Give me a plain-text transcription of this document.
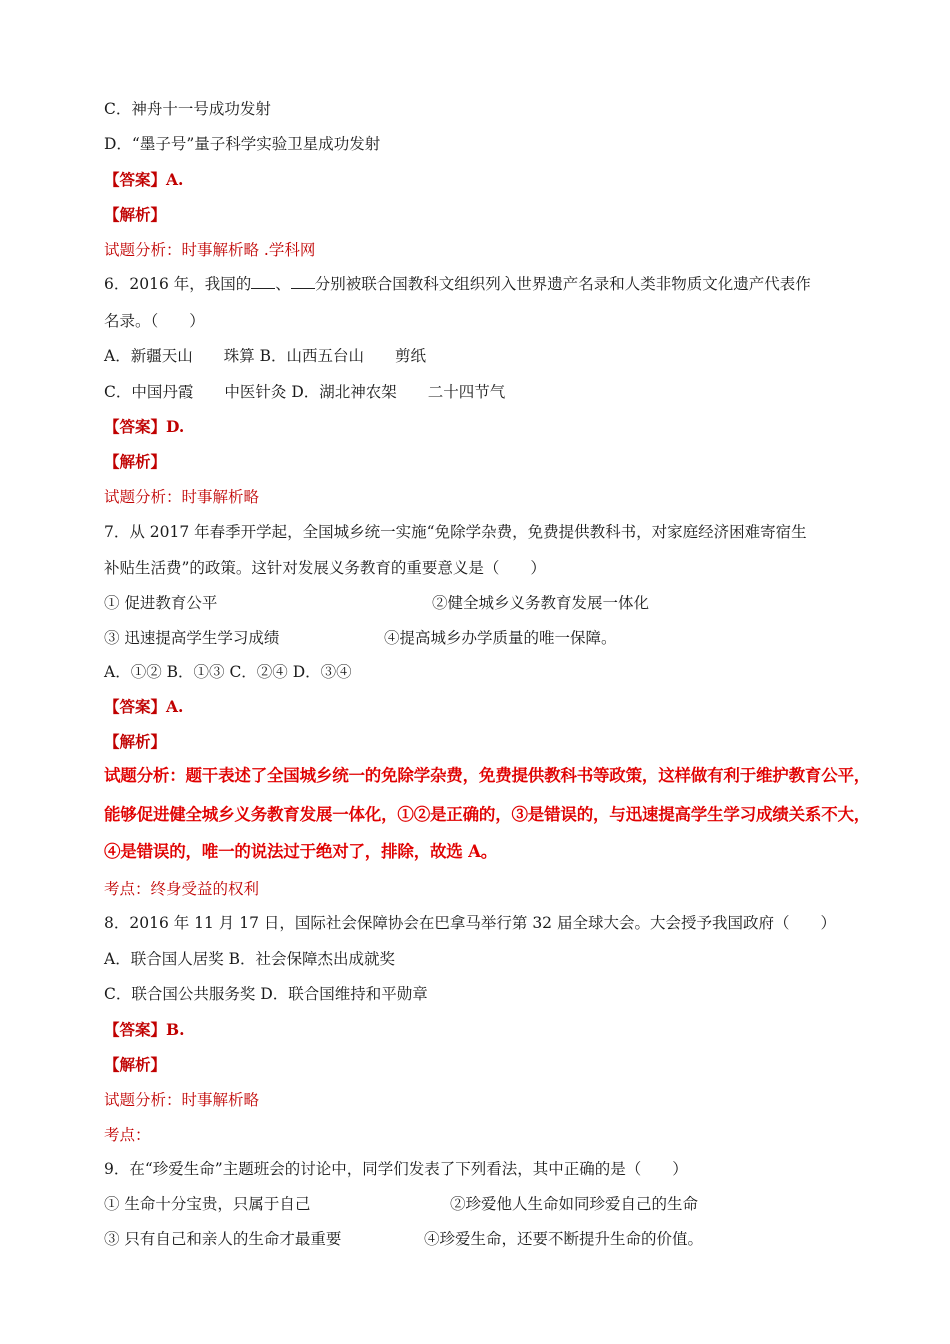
C．神舟十一号成功发射
D．“墨子号”量子科学实验卫星成功发射
【答案】A.
【解析】
试题分析：时事解析略 .学科网
6．2016 年，我国的 、 分别被联合国教科文组织列入世界遗产名录和人类非物质文化遗产代表作
名录。（　　）
A．新疆天山　　珠算 B．山西五台山　　剪纸
C．中国丹霞　　中医针灸 D．湖北神农架　　二十四节气
【答案】D.
【解析】
试题分析：时事解析略
7．从 2017 年春季开学起，全国城乡统一实施“免除学杂费，免费提供教科书，对家庭经济困难寄宿生
补贴生活费”的政策。这针对发展义务教育的重要意义是（　　）
① 促进教育公平	②健全城乡义务教育发展一体化
③ 迅速提高学生学习成绩	④提高城乡办学质量的唯一保障。
A．①② B．①③ C．②④ D．③④
【答案】A.
【解析】
试题分析：题干表述了全国城乡统一的免除学杂费，免费提供教科书等政策，这样做有利于维护教育公平，
能够促进健全城乡义务教育发展一体化，①②是正确的，③是错误的，与迅速提高学生学习成绩关系不大，
④是错误的，唯一的说法过于绝对了，排除，故选 A。
考点：终身受益的权利
8．2016 年 11 月 17 日，国际社会保障协会在巴拿马举行第 32 届全球大会。大会授予我国政府（　　）
A．联合国人居奖 B．社会保障杰出成就奖
C．联合国公共服务奖 D．联合国维持和平勋章
【答案】B.
【解析】
试题分析：时事解析略
考点：
9．在“珍爱生命”主题班会的讨论中，同学们发表了下列看法，其中正确的是（　　）
① 生命十分宝贵，只属于自己	②珍爱他人生命如同珍爱自己的生命
③ 只有自己和亲人的生命才最重要	④珍爱生命，还要不断提升生命的价值。
